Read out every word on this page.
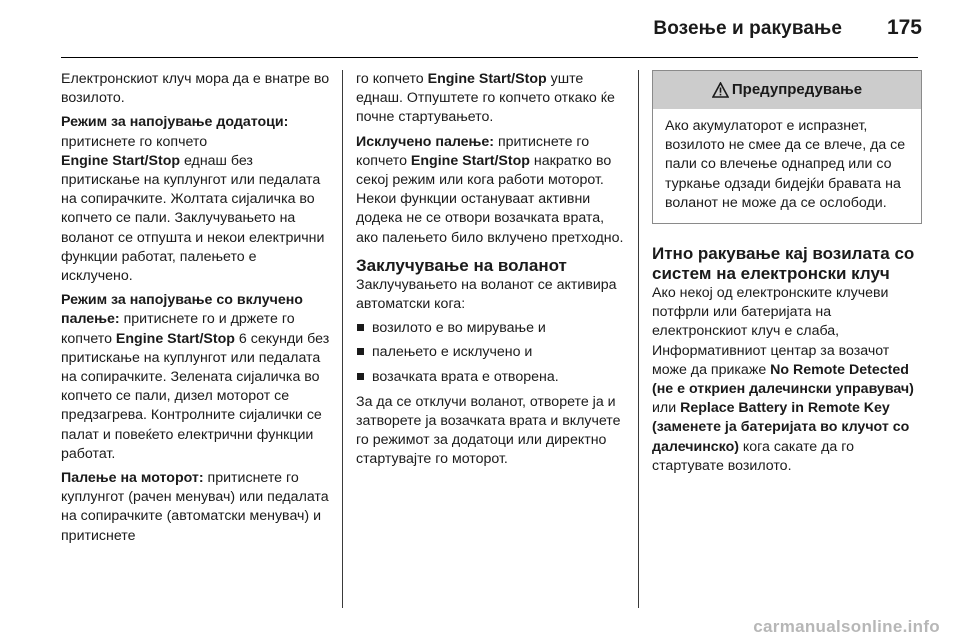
Возење и ракување 175

Електронскиот клуч мора да е внатре во возилото.

Режим за напојување додатоци: притиснете го копчето
Engine Start/Stop еднаш без притискање на куплунгот или педалата на сопирачките. Жолтата сијаличка во копчето се пали. Заклучувањето на воланот се отпушта и некои електрични функции работат, палењето е исклучено.

Режим за напојување со вклучено палење: притиснете го и држете го копчето Engine Start/Stop 6 секунди без притискање на куплунгот или педалата на сопирачките. Зелената сијаличка во копчето се пали, дизел моторот се предзагрева. Контролните сијалички се палат и повеќето електрични функции работат.

Палење на моторот: притиснете го куплунгот (рачен менувач) или педалата на сопирачките (автоматски менувач) и притиснете

го копчето Engine Start/Stop уште еднаш. Отпуштете го копчето откако ќе почне стартувањето.

Исклучено палење: притиснете го копчето Engine Start/Stop накратко во секој режим или кога работи моторот. Некои функции остануваат активни додека не се отвори возачката врата, ако палењето било вклучено претходно.

Заклучување на воланот

Заклучувањето на воланот се активира автоматски кога:

возилото е во мирување и
палењето е исклучено и
возачката врата е отворена.

За да се отклучи воланот, отворете ја и затворете ја возачката врата и вклучете го режимот за додатоци или директно стартувајте го моторот.

Предупредување
Ако акумулаторот е испразнет, возилото не смее да се влече, да се пали со влечење однапред или со туркање одзади бидејќи бравата на воланот не може да се ослободи.
Итно ракување кај возилата со систем на електронски клуч

Ако некој од електронските клучеви потфрли или батеријата на електронскиот клуч е слаба, Информативниот центар за возачот може да прикаже No Remote Detected (не е откриен далечински управувач) или Replace Battery in Remote Key (заменете ја батеријата во клучот со далечинско) кога сакате да го стартувате возилото.

carmanualsonline.info
